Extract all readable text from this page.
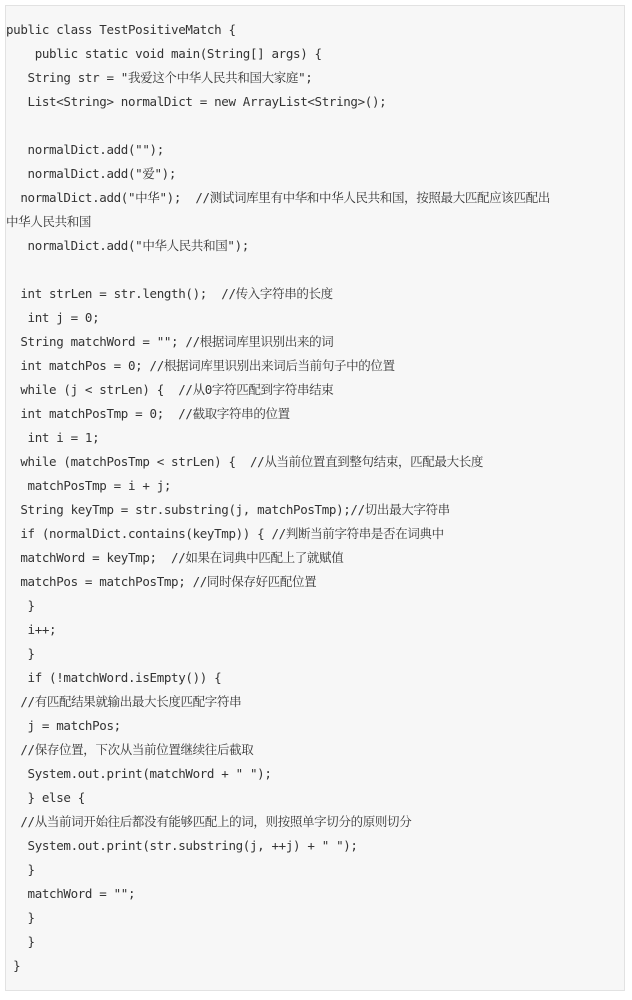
public class TestPositiveMatch {
public static void main(String[] args) {
String str = "我爱这个中华人民共和国大家庭";
List<String> normalDict = new ArrayList<String>();
normalDict.add("");
normalDict.add("爱");
normalDict.add("中华");  //测试词库里有中华和中华人民共和国，按照最大匹配应该匹配出
中华人民共和国
normalDict.add("中华人民共和国");
int strLen = str.length();  //传入字符串的长度
int j = 0;
String matchWord = ""; //根据词库里识别出来的词
int matchPos = 0; //根据词库里识别出来词后当前句子中的位置
while (j < strLen) {  //从0字符匹配到字符串结束
int matchPosTmp = 0;  //截取字符串的位置
int i = 1;
while (matchPosTmp < strLen) {  //从当前位置直到整句结束，匹配最大长度
matchPosTmp = i + j;
String keyTmp = str.substring(j, matchPosTmp);//切出最大字符串
if (normalDict.contains(keyTmp)) { //判断当前字符串是否在词典中
matchWord = keyTmp;  //如果在词典中匹配上了就赋值
matchPos = matchPosTmp; //同时保存好匹配位置
}
i++;
}
if (!matchWord.isEmpty()) {
//有匹配结果就输出最大长度匹配字符串
j = matchPos;
//保存位置，下次从当前位置继续往后截取
System.out.print(matchWord + " ");
} else {
//从当前词开始往后都没有能够匹配上的词，则按照单字切分的原则切分
System.out.print(str.substring(j, ++j) + " ");
}
matchWord = "";
}
}
}
